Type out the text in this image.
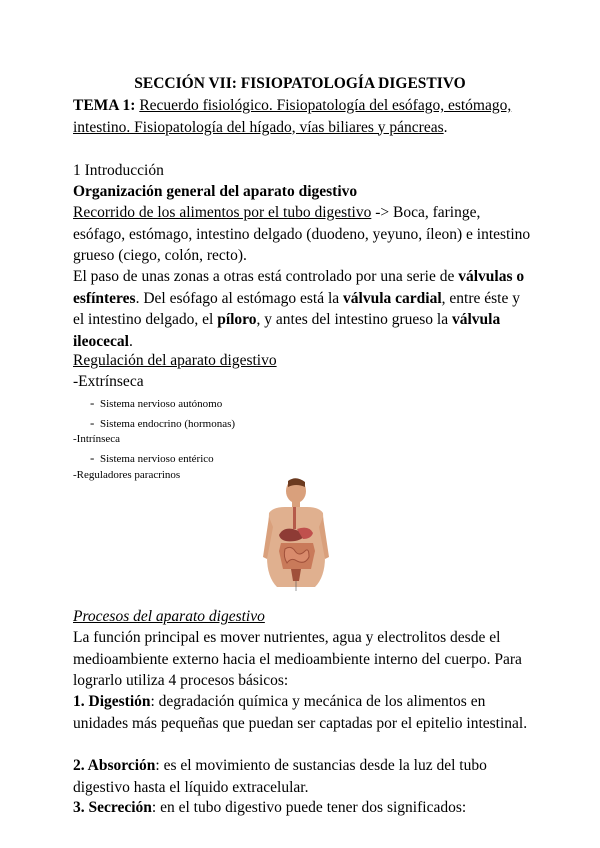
SECCIÓN VII: FISIOPATOLOGÍA DIGESTIVO
TEMA 1: Recuerdo fisiológico. Fisiopatología del esófago, estómago, intestino. Fisiopatología del hígado, vías biliares y páncreas.
1 Introducción
Organización general del aparato digestivo
Recorrido de los alimentos por el tubo digestivo -> Boca, faringe, esófago, estómago, intestino delgado (duodeno, yeyuno, íleon) e intestino grueso (ciego, colón, recto).
El paso de unas zonas a otras está controlado por una serie de válvulas o esfínteres. Del esófago al estómago está la válvula cardial, entre éste y el intestino delgado, el píloro, y antes del intestino grueso la válvula ileocecal.
Regulación del aparato digestivo
-Extrínseca
- Sistema nervioso autónomo
- Sistema endocrino (hormonas)
-Intrínseca
- Sistema nervioso entérico
-Reguladores paracrinos
Procesos del aparato digestivo
La función principal es mover nutrientes, agua y electrolitos desde el medioambiente externo hacia el medioambiente interno del cuerpo. Para lograrlo utiliza 4 procesos básicos:
1. Digestión: degradación química y mecánica de los alimentos en unidades más pequeñas que puedan ser captadas por el epitelio intestinal.
2. Absorción: es el movimiento de sustancias desde la luz del tubo digestivo hasta el líquido extracelular.
3. Secreción: en el tubo digestivo puede tener dos significados:
